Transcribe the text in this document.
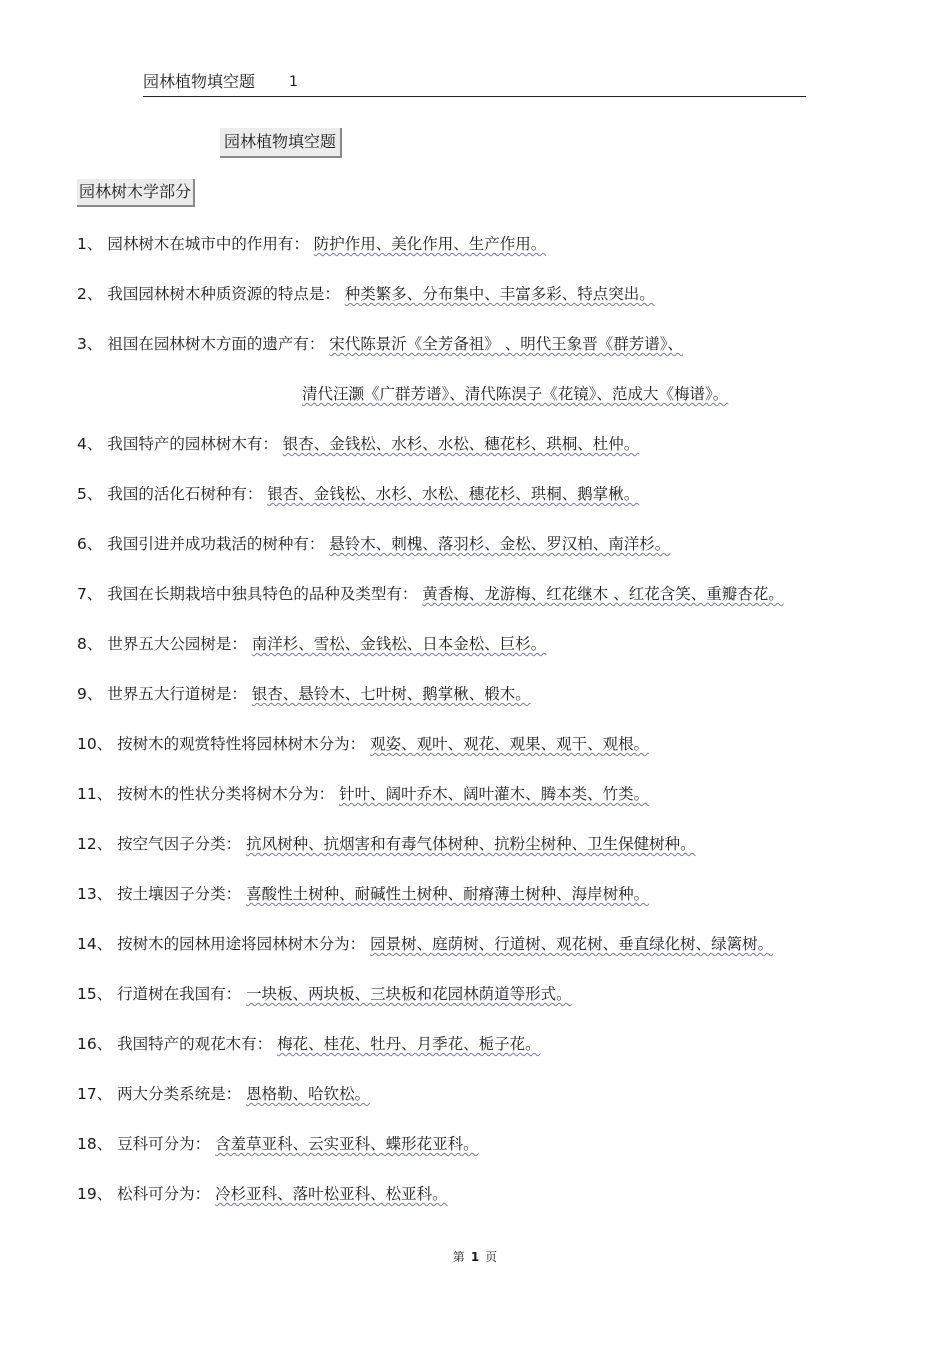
园林植物填空题 1
园林植物填空题
园林树木学部分
1、 园林树木在城市中的作用有： 防护作用、美化作用、生产作用。
2、 我国园林树木种质资源的特点是： 种类繁多、分布集中、丰富多彩、特点突出。
3、 祖国在园林树木方面的遗产有： 宋代陈景沂《全芳备祖》 、明代王象晋《群芳谱》、
清代汪灏《广群芳谱》、清代陈淏子《花镜》、范成大《梅谱》。
4、 我国特产的园林树木有： 银杏、金钱松、水杉、水松、穗花杉、珙桐、杜仲。
5、 我国的活化石树种有： 银杏、金钱松、水杉、水松、穗花杉、珙桐、鹅掌楸。
6、 我国引进并成功栽活的树种有： 悬铃木、刺槐、落羽杉、金松、罗汉柏、南洋杉。
7、 我国在长期栽培中独具特色的品种及类型有： 黄香梅、龙游梅、红花继木 、红花含笑、重瓣杏花。
8、 世界五大公园树是： 南洋杉、雪松、金钱松、日本金松、巨杉。
9、 世界五大行道树是： 银杏、悬铃木、七叶树、鹅掌楸、椴木。
10、 按树木的观赏特性将园林树木分为： 观姿、观叶、观花、观果、观干、观根。
11、 按树木的性状分类将树木分为： 针叶、阔叶乔木、阔叶灌木、腾本类、竹类。
12、 按空气因子分类： 抗风树种、抗烟害和有毒气体树种、抗粉尘树种、卫生保健树种。
13、 按土壤因子分类： 喜酸性土树种、耐碱性土树种、耐瘠薄土树种、海岸树种。
14、 按树木的园林用途将园林树木分为： 园景树、庭荫树、行道树、观花树、垂直绿化树、绿篱树。
15、 行道树在我国有： 一块板、两块板、三块板和花园林荫道等形式。
16、 我国特产的观花木有： 梅花、桂花、牡丹、月季花、栀子花。
17、 两大分类系统是： 恩格勒、哈钦松。
18、 豆科可分为： 含羞草亚科、云实亚科、蝶形花亚科。
19、 松科可分为： 冷杉亚科、落叶松亚科、松亚科。
第 1 页
